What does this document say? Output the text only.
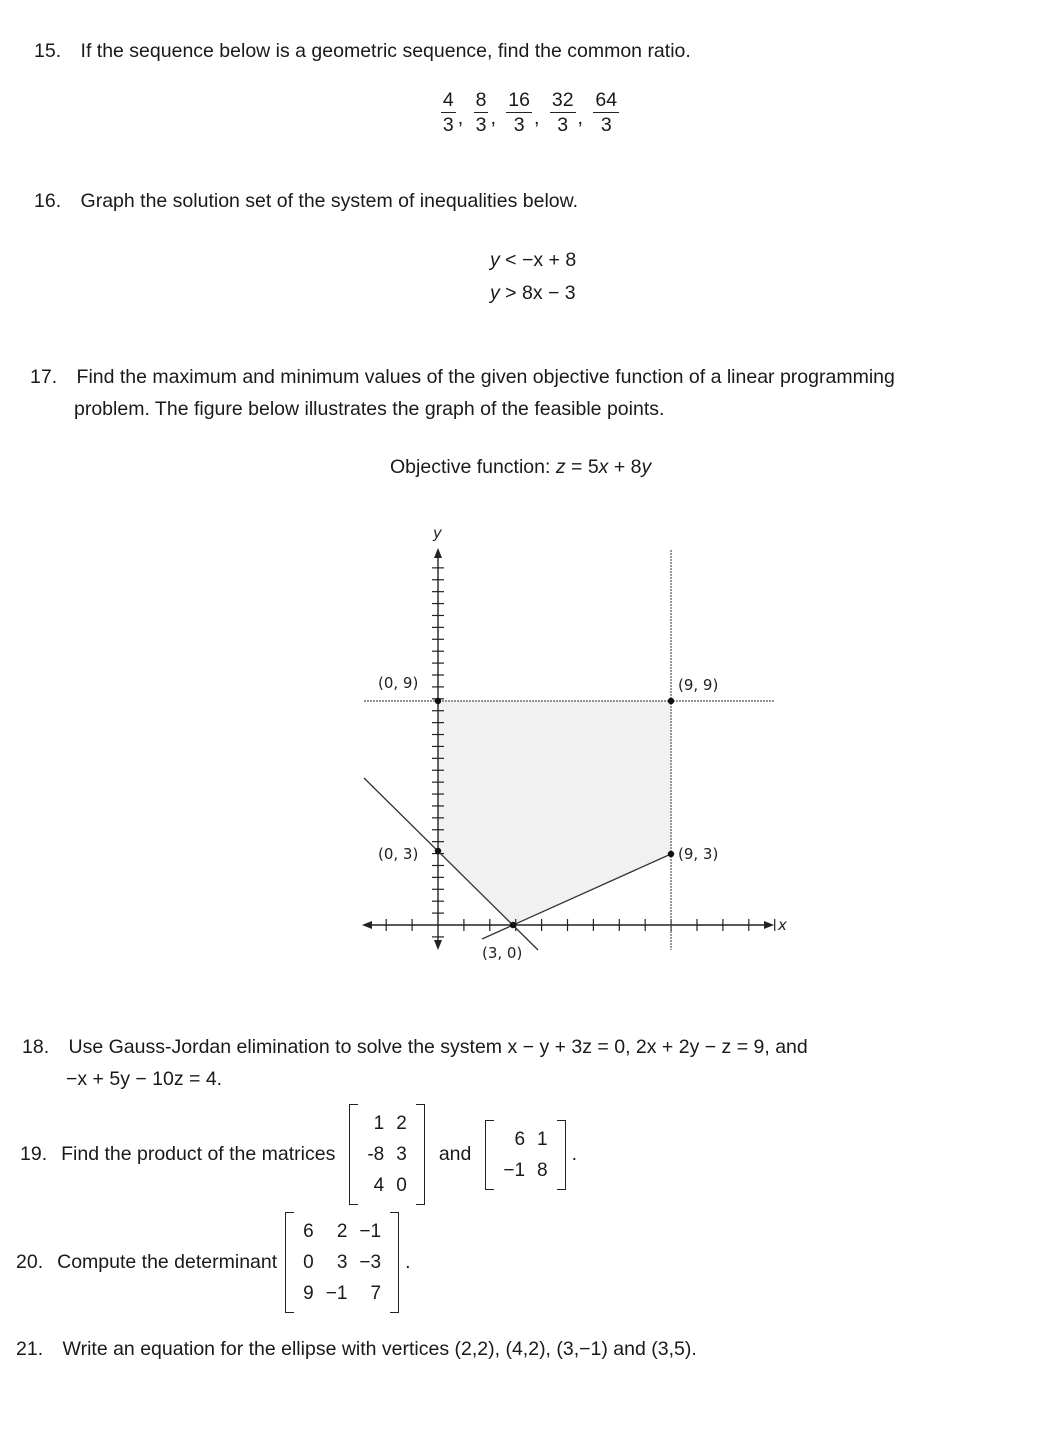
15. If the sequence below is a geometric sequence, find the common ratio.
$\frac{4}{3}$ , $\frac{8}{3}$ , $\frac{16}{3}$ , $\frac{32}{3}$ , $\frac{64}{3}$
16. Graph the solution set of the system of inequalities below.
y < −x + 8
y > 8x − 3
17. Find the maximum and minimum values of the given objective function of a linear programming
problem. The figure below illustrates the graph of the feasible points.
Objective function: z = 5x + 8y
y
x
(0, 9)	(9, 9)
(0, 3)	(9, 3)
(3, 0)
18. Use Gauss-Jordan elimination to solve the system x − y + 3z = 0, 2x + 2y − z = 9, and
−x + 5y − 10z = 4.
19. Find the product of the matrices
1	2
-8	3
4	0
and
6	1
−1	8
.
20. Compute the determinant
6	2	−1
0	3	−3
9	−1	7
.
21. Write an equation for the ellipse with vertices (2,2), (4,2), (3,−1) and (3,5).
